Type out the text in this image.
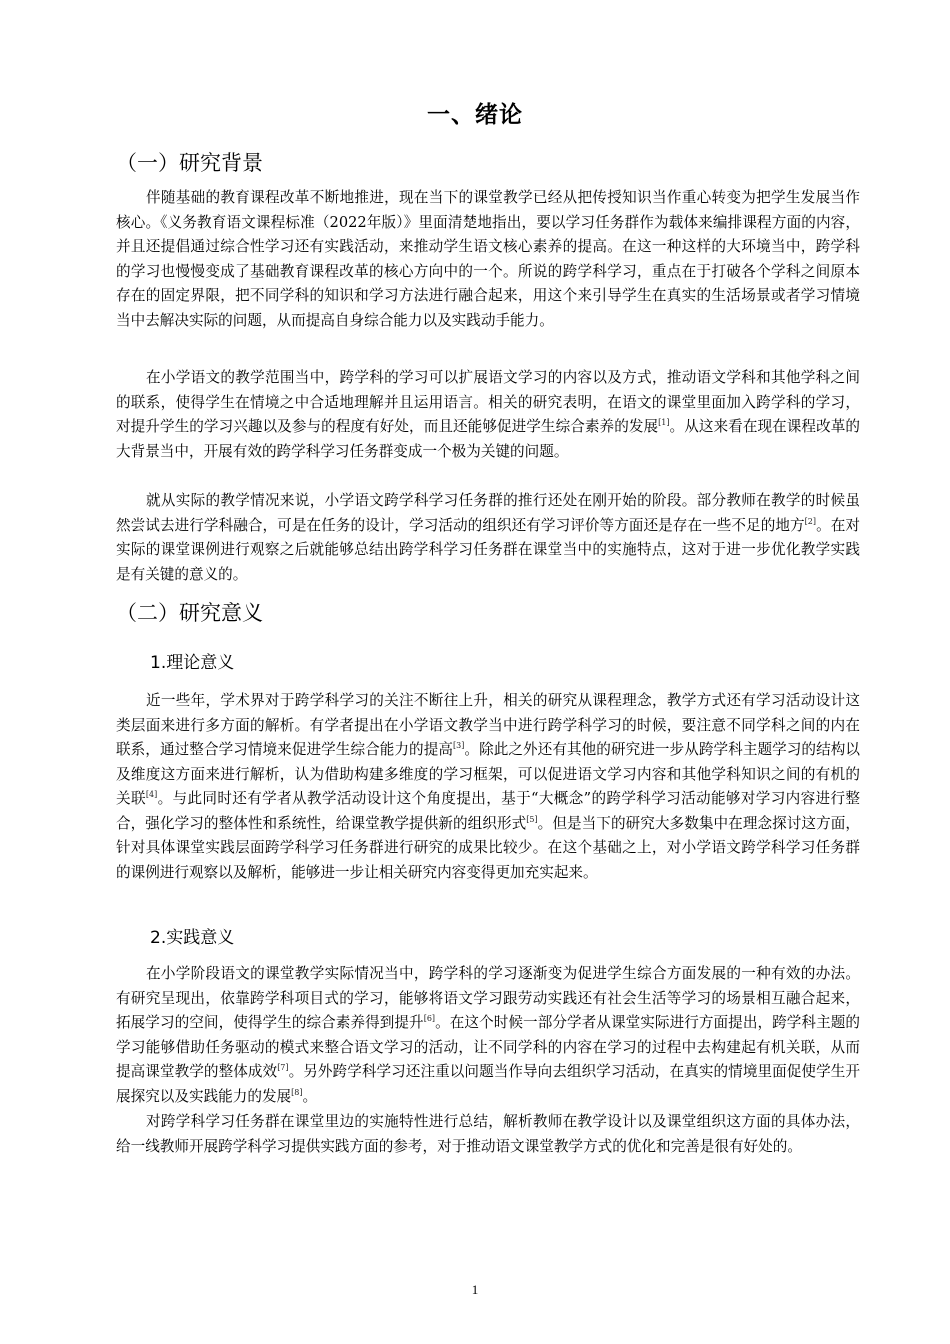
一、绪论
（一）研究背景

伴随基础的教育课程改革不断地推进，现在当下的课堂教学已经从把传授知识当作重心转变为把学生发展当作核心。《义务教育语文课程标准（2022年版）》里面清楚地指出，要以学习任务群作为载体来编排课程方面的内容，并且还提倡通过综合性学习还有实践活动，来推动学生语文核心素养的提高。在这一种这样的大环境当中，跨学科的学习也慢慢变成了基础教育课程改革的核心方向中的一个。所说的跨学科学习，重点在于打破各个学科之间原本存在的固定界限，把不同学科的知识和学习方法进行融合起来，用这个来引导学生在真实的生活场景或者学习情境当中去解决实际的问题，从而提高自身综合能力以及实践动手能力。

在小学语文的教学范围当中，跨学科的学习可以扩展语文学习的内容以及方式，推动语文学科和其他学科之间的联系，使得学生在情境之中合适地理解并且运用语言。相关的研究表明，在语文的课堂里面加入跨学科的学习，对提升学生的学习兴趣以及参与的程度有好处，而且还能够促进学生综合素养的发展[1]。从这来看在现在课程改革的大背景当中，开展有效的跨学科学习任务群变成一个极为关键的问题。

就从实际的教学情况来说，小学语文跨学科学习任务群的推行还处在刚开始的阶段。部分教师在教学的时候虽然尝试去进行学科融合，可是在任务的设计，学习活动的组织还有学习评价等方面还是存在一些不足的地方[2]。在对实际的课堂课例进行观察之后就能够总结出跨学科学习任务群在课堂当中的实施特点，这对于进一步优化教学实践是有关键的意义的。

（二）研究意义
1.理论意义

近一些年，学术界对于跨学科学习的关注不断往上升，相关的研究从课程理念，教学方式还有学习活动设计这类层面来进行多方面的解析。有学者提出在小学语文教学当中进行跨学科学习的时候，要注意不同学科之间的内在联系，通过整合学习情境来促进学生综合能力的提高[3]。除此之外还有其他的研究进一步从跨学科主题学习的结构以及维度这方面来进行解析，认为借助构建多维度的学习框架，可以促进语文学习内容和其他学科知识之间的有机的关联[4]。与此同时还有学者从教学活动设计这个角度提出，基于“大概念”的跨学科学习活动能够对学习内容进行整合，强化学习的整体性和系统性，给课堂教学提供新的组织形式[5]。但是当下的研究大多数集中在理念探讨这方面，针对具体课堂实践层面跨学科学习任务群进行研究的成果比较少。在这个基础之上，对小学语文跨学科学习任务群的课例进行观察以及解析，能够进一步让相关研究内容变得更加充实起来。

2.实践意义

在小学阶段语文的课堂教学实际情况当中，跨学科的学习逐渐变为促进学生综合方面发展的一种有效的办法。有研究呈现出，依靠跨学科项目式的学习，能够将语文学习跟劳动实践还有社会生活等学习的场景相互融合起来，拓展学习的空间，使得学生的综合素养得到提升[6]。在这个时候一部分学者从课堂实际进行方面提出，跨学科主题的学习能够借助任务驱动的模式来整合语文学习的活动，让不同学科的内容在学习的过程中去构建起有机关联，从而提高课堂教学的整体成效[7]。另外跨学科学习还注重以问题当作导向去组织学习活动，在真实的情境里面促使学生开展探究以及实践能力的发展[8]。

对跨学科学习任务群在课堂里边的实施特性进行总结，解析教师在教学设计以及课堂组织这方面的具体办法，给一线教师开展跨学科学习提供实践方面的参考，对于推动语文课堂教学方式的优化和完善是很有好处的。

1
